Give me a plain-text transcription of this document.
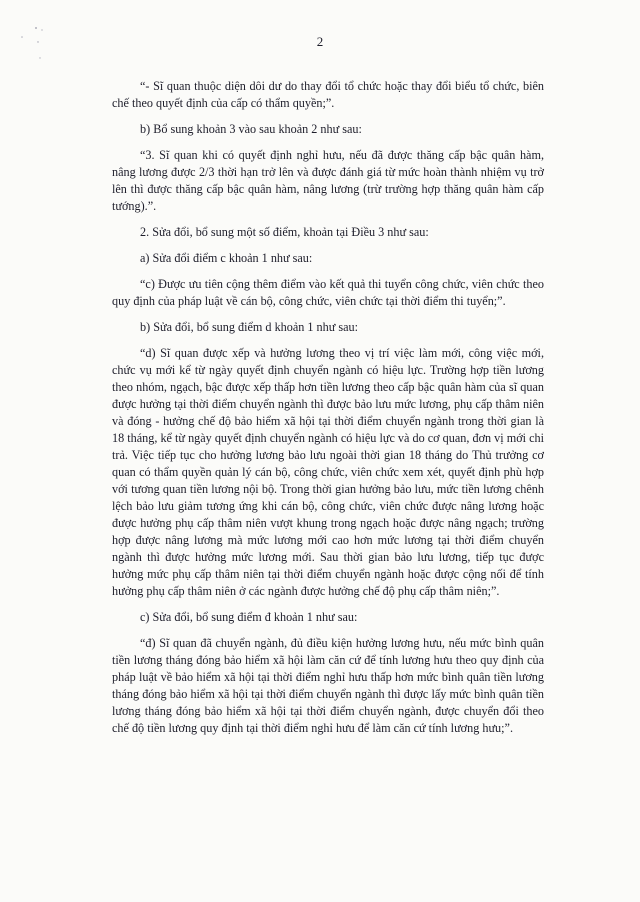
2

“- Sĩ quan thuộc diện dôi dư do thay đổi tổ chức hoặc thay đổi biểu tổ chức, biên chế theo quyết định của cấp có thẩm quyền;”.

b) Bổ sung khoản 3 vào sau khoản 2 như sau:

“3. Sĩ quan khi có quyết định nghỉ hưu, nếu đã được thăng cấp bậc quân hàm, nâng lương được 2/3 thời hạn trở lên và được đánh giá từ mức hoàn thành nhiệm vụ trở lên thì được thăng cấp bậc quân hàm, nâng lương (trừ trường hợp thăng quân hàm cấp tướng).”.

2. Sửa đổi, bổ sung một số điểm, khoản tại Điều 3 như sau:

a) Sửa đổi điểm c khoản 1 như sau:

“c) Được ưu tiên cộng thêm điểm vào kết quả thi tuyển công chức, viên chức theo quy định của pháp luật về cán bộ, công chức, viên chức tại thời điểm thi tuyển;”.

b) Sửa đổi, bổ sung điểm d khoản 1 như sau:

“d) Sĩ quan được xếp và hưởng lương theo vị trí việc làm mới, công việc mới, chức vụ mới kể từ ngày quyết định chuyển ngành có hiệu lực. Trường hợp tiền lương theo nhóm, ngạch, bậc được xếp thấp hơn tiền lương theo cấp bậc quân hàm của sĩ quan được hưởng tại thời điểm chuyển ngành thì được bảo lưu mức lương, phụ cấp thâm niên và đóng - hưởng chế độ bảo hiểm xã hội tại thời điểm chuyển ngành trong thời gian là 18 tháng, kể từ ngày quyết định chuyển ngành có hiệu lực và do cơ quan, đơn vị mới chi trả. Việc tiếp tục cho hưởng lương bảo lưu ngoài thời gian 18 tháng do Thủ trưởng cơ quan có thẩm quyền quản lý cán bộ, công chức, viên chức xem xét, quyết định phù hợp với tương quan tiền lương nội bộ. Trong thời gian hưởng bảo lưu, mức tiền lương chênh lệch bảo lưu giảm tương ứng khi cán bộ, công chức, viên chức được nâng lương hoặc được hưởng phụ cấp thâm niên vượt khung trong ngạch hoặc được nâng ngạch; trường hợp được nâng lương mà mức lương mới cao hơn mức lương tại thời điểm chuyển ngành thì được hưởng mức lương mới. Sau thời gian bảo lưu lương, tiếp tục được hưởng mức phụ cấp thâm niên tại thời điểm chuyển ngành hoặc được cộng nối để tính hưởng phụ cấp thâm niên ở các ngành được hưởng chế độ phụ cấp thâm niên;”.

c) Sửa đổi, bổ sung điểm đ khoản 1 như sau:

“đ) Sĩ quan đã chuyển ngành, đủ điều kiện hưởng lương hưu, nếu mức bình quân tiền lương tháng đóng bảo hiểm xã hội làm căn cứ để tính lương hưu theo quy định của pháp luật về bảo hiểm xã hội tại thời điểm nghỉ hưu thấp hơn mức bình quân tiền lương tháng đóng bảo hiểm xã hội tại thời điểm chuyển ngành thì được lấy mức bình quân tiền lương tháng đóng bảo hiểm xã hội tại thời điểm chuyển ngành, được chuyển đổi theo chế độ tiền lương quy định tại thời điểm nghỉ hưu để làm căn cứ tính lương hưu;”.
